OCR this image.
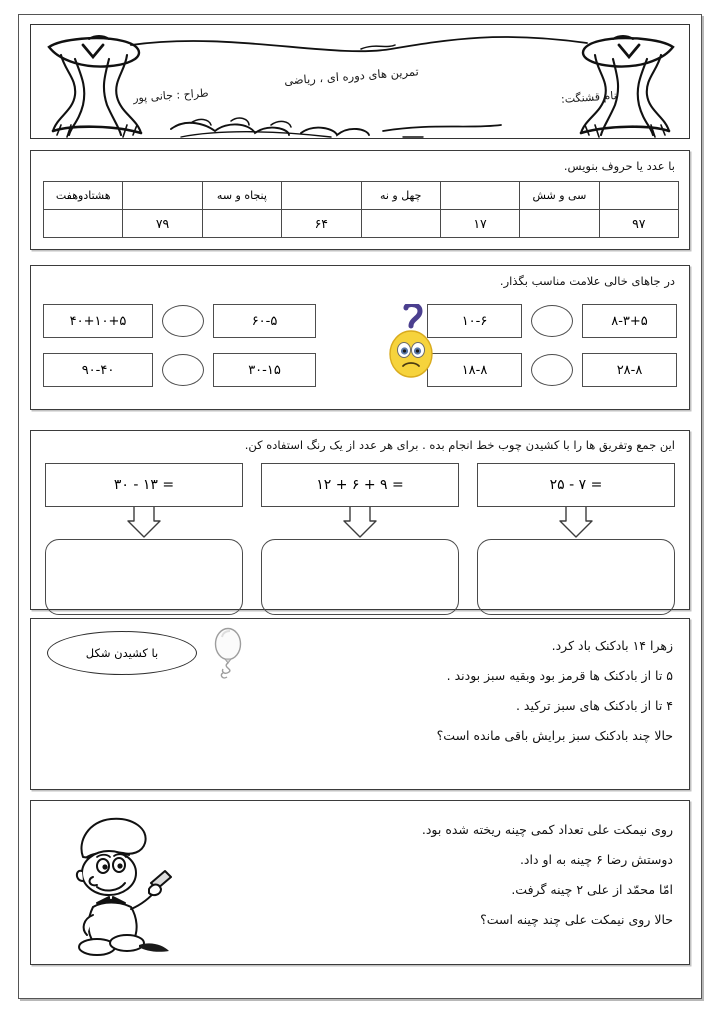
تمرین های دوره ای ، ریاضی
طراح : جانی پور	نام قشنگت:
با عدد یا حروف بنویس.
	سی و شش		چهل و نه		پنجاه و سه		هشتادوهفت
۹۷		۱۷		۶۴		۷۹	
در جاهای خالی علامت مناسب بگذار.
۸-۳+۵
۱۰-۶
۲۸-۸
۱۸-۸
۶۰-۵
۴۰+۱۰+۵
۳۰-۱۵
۹۰-۴۰
این جمع وتفریق ها را با کشیدن چوب خط انجام بده . برای هر عدد از یک رنگ استفاده کن.
۳۰ - ۱۳ =	۱۲ + ۶ + ۹ =	۲۵ - ۷ =
با کشیدن شکل	زهرا ۱۴ بادکنک باد کرد.
۵ تا از بادکنک ها قرمز بود وبقیه سبز بودند .
۴ تا از بادکنک های سبز ترکید .
حالا چند بادکنک سبز برایش باقی مانده است؟
روی نیمکت علی تعداد کمی چینه ریخته شده بود.
دوستش رضا ۶ چینه به او داد.
امّا محمّد از علی ۲ چینه گرفت.
حالا روی نیمکت علی چند چینه است؟
